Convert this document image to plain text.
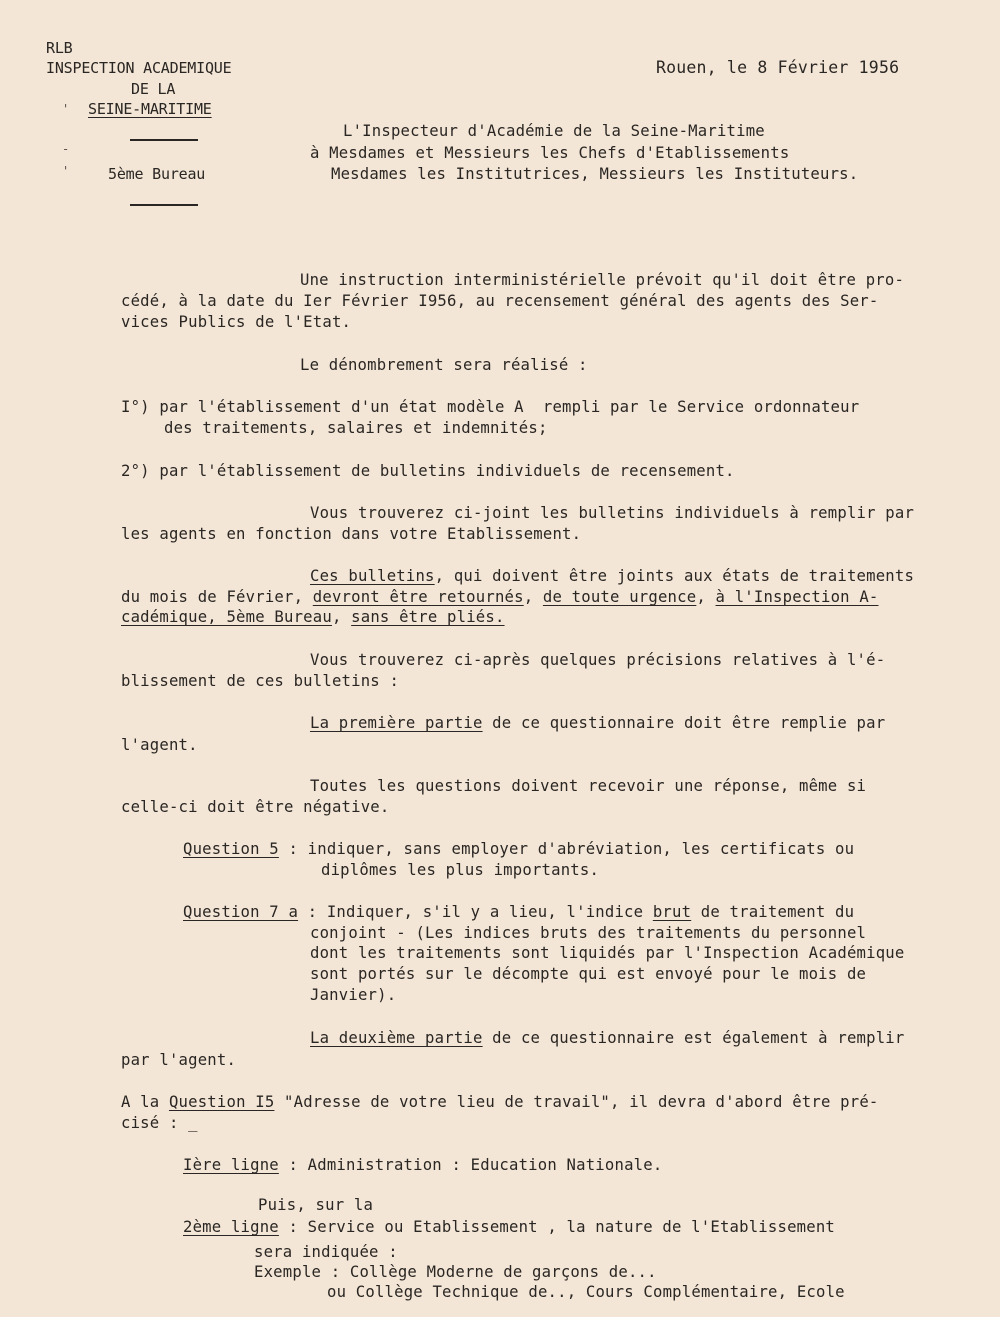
RLB
INSPECTION ACADEMIQUE
DE LA
SEINE-MARITIME
5ème Bureau
'
-
'
Rouen, le 8 Février 1956
L'Inspecteur d'Académie de la Seine-Maritime
à Mesdames et Messieurs les Chefs d'Etablissements
Mesdames les Institutrices, Messieurs les Instituteurs.
Une instruction interministérielle prévoit qu'il doit être pro-
cédé, à la date du Ier Février I956, au recensement général des agents des Ser-
vices Publics de l'Etat.
Le dénombrement sera réalisé :
I°) par l'établissement d'un état modèle A  rempli par le Service ordonnateur
des traitements, salaires et indemnités;
2°) par l'établissement de bulletins individuels de recensement.
Vous trouverez ci-joint les bulletins individuels à remplir par
les agents en fonction dans votre Etablissement.
Ces bulletins, qui doivent être joints aux états de traitements
du mois de Février, devront être retournés, de toute urgence, à l'Inspection A-
cadémique, 5ème Bureau, sans être pliés.
Vous trouverez ci-après quelques précisions relatives à l'é-
blissement de ces bulletins :
La première partie de ce questionnaire doit être remplie par
l'agent.
Toutes les questions doivent recevoir une réponse, même si
celle-ci doit être négative.
Question 5 : indiquer, sans employer d'abréviation, les certificats ou
diplômes les plus importants.
Question 7 a : Indiquer, s'il y a lieu, l'indice brut de traitement du
conjoint - (Les indices bruts des traitements du personnel
dont les traitements sont liquidés par l'Inspection Académique
sont portés sur le décompte qui est envoyé pour le mois de
Janvier).
La deuxième partie de ce questionnaire est également à remplir
par l'agent.
A la Question I5 "Adresse de votre lieu de travail", il devra d'abord être pré-
cisé : _
Ière ligne : Administration : Education Nationale.
Puis, sur la
2ème ligne : Service ou Etablissement , la nature de l'Etablissement
sera indiquée :
Exemple : Collège Moderne de garçons de...
ou Collège Technique de.., Cours Complémentaire, Ecole
